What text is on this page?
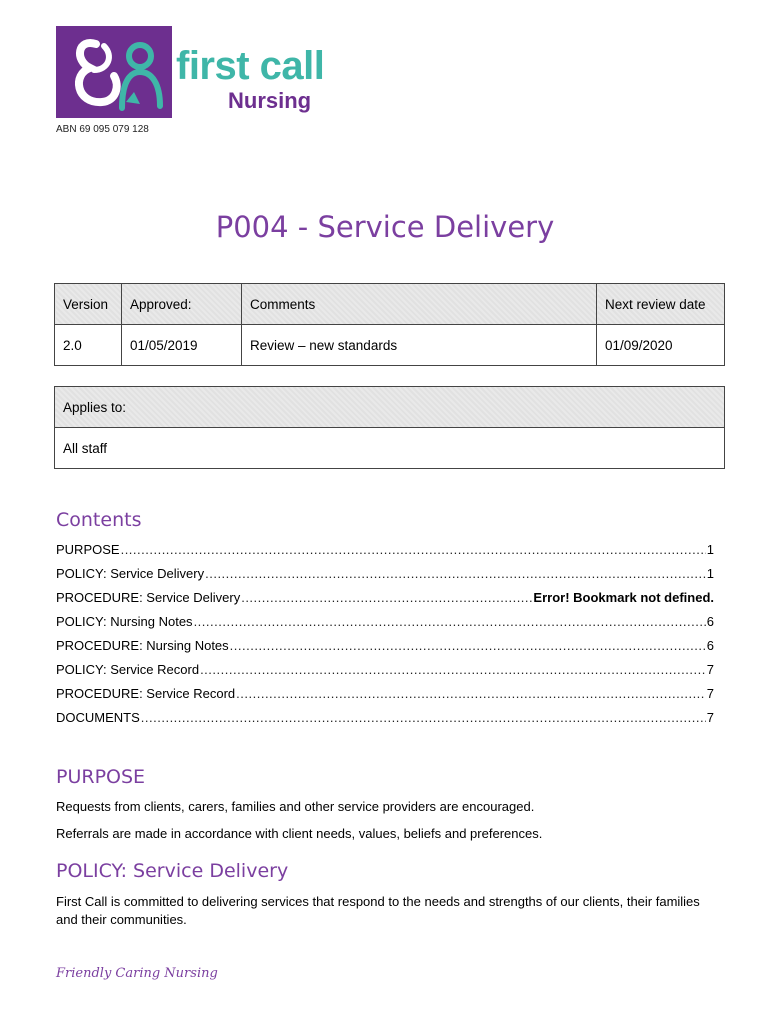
first call
Nursing
ABN 69 095 079 128
P004 - Service Delivery
Version	Approved:	Comments	Next review date
2.0	01/05/2019	Review – new standards	01/09/2020
Applies to:
All staff
Contents
PURPOSE .....	1
POLICY: Service Delivery .....	1
PROCEDURE: Service Delivery .....	Error! Bookmark not defined.
POLICY: Nursing Notes .....	6
PROCEDURE: Nursing Notes .....	6
POLICY: Service Record .....	7
PROCEDURE: Service Record .....	7
DOCUMENTS .....	7
PURPOSE
Requests from clients, carers, families and other service providers are encouraged.
Referrals are made in accordance with client needs, values, beliefs and preferences.
POLICY: Service Delivery
First Call is committed to delivering services that respond to the needs and strengths of our clients, their families and their communities.
Friendly Caring Nursing
